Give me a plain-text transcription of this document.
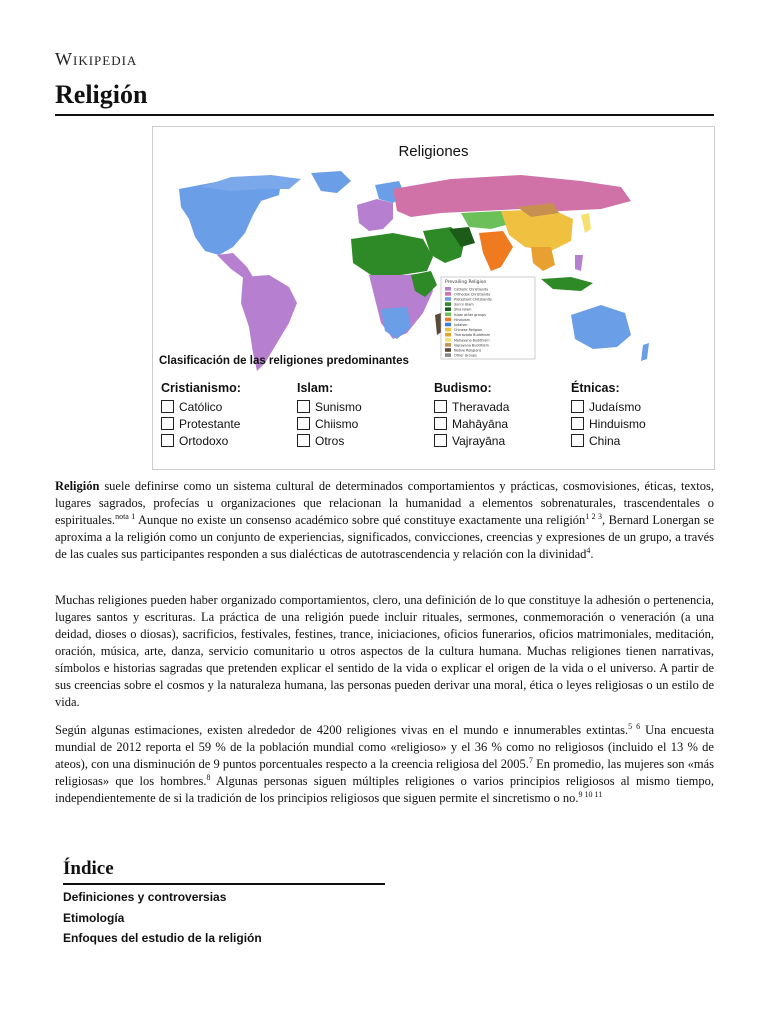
Wikipedia
Religión
Religiones
Prevailing Religion
Catholic Christianity
Orthodox Christianity
Protestant Christianity
Sunni Islam
Shia Islam
Islam other groups
Hinduism
Judaism
Chinese Religion
Theravada Buddhism
Mahayana Buddhism
Vajrayana Buddhism
Native Religions
Other Groups
Clasificación de las religiones predominantes
Cristianismo:
Católico
Protestante
Ortodoxo
Islam:
Sunismo
Chiismo
Otros
Budismo:
Theravada
Mahāyāna
Vajrayāna
Étnicas:
Judaísmo
Hinduismo
China

Religión suele definirse como un sistema cultural de determinados comportamientos y prácticas, cosmovisiones, éticas, textos, lugares sagrados, profecías u organizaciones que relacionan la humanidad a elementos sobrenaturales, trascendentales o espirituales.$^{nota 1}$ Aunque no existe un consenso académico sobre qué constituye exactamente una religión$^{1 2 3}$, Bernard Lonergan se aproxima a la religión como un conjunto de experiencias, significados, convicciones, creencias y expresiones de un grupo, a través de las cuales sus participantes responden a sus dialécticas de autotrascendencia y relación con la divinidad$^4$.

Muchas religiones pueden haber organizado comportamientos, clero, una definición de lo que constituye la adhesión o pertenencia, lugares santos y escrituras. La práctica de una religión puede incluir rituales, sermones, conmemoración o veneración (a una deidad, dioses o diosas), sacrificios, festivales, festines, trance, iniciaciones, oficios funerarios, oficios matrimoniales, meditación, oración, música, arte, danza, servicio comunitario u otros aspectos de la cultura humana. Muchas religiones tienen narrativas, símbolos e historias sagradas que pretenden explicar el sentido de la vida o explicar el origen de la vida o el universo. A partir de sus creencias sobre el cosmos y la naturaleza humana, las personas pueden derivar una moral, ética o leyes religiosas o un estilo de vida.

Según algunas estimaciones, existen alrededor de 4200 religiones vivas en el mundo e innumerables extintas.$^{5 6}$ Una encuesta mundial de 2012 reporta el 59 % de la población mundial como «religioso» y el 36 % como no religiosos (incluido el 13 % de ateos), con una disminución de 9 puntos porcentuales respecto a la creencia religiosa del 2005.$^7$ En promedio, las mujeres son «más religiosas» que los hombres.$^8$ Algunas personas siguen múltiples religiones o varios principios religiosos al mismo tiempo, independientemente de si la tradición de los principios religiosos que siguen permite el sincretismo o no.$^{9 10 11}$

Índice
Definiciones y controversias
Etimología
Enfoques del estudio de la religión
